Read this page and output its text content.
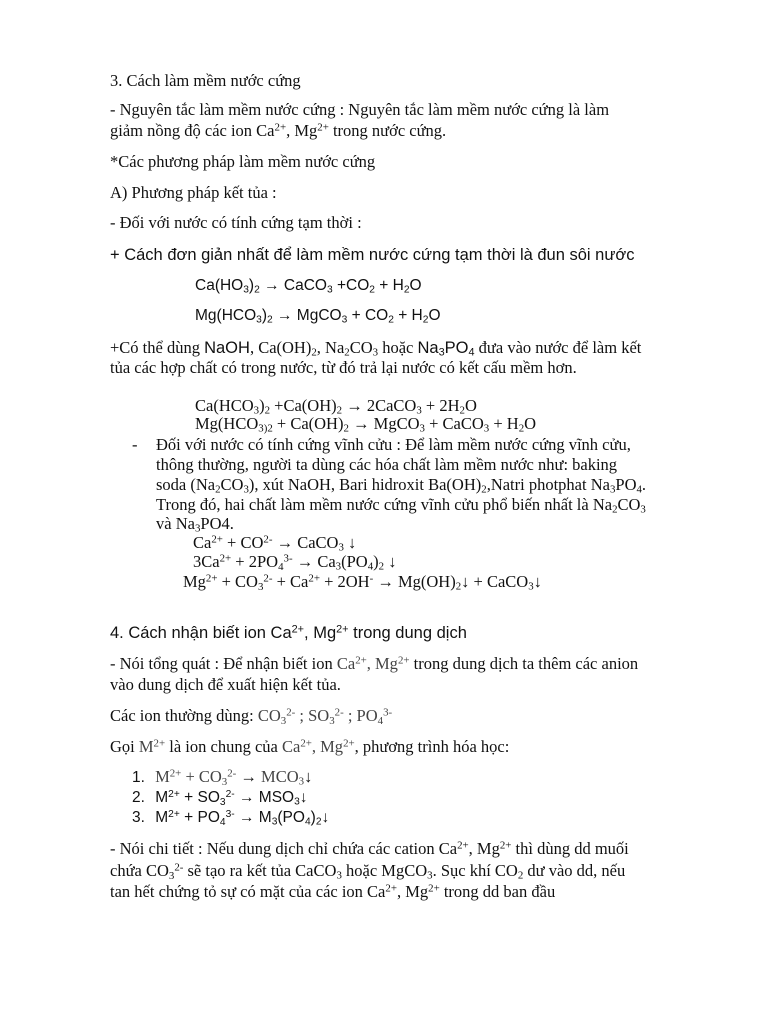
3. Cách làm mềm nước cứng
- Nguyên tắc làm mềm nước cứng : Nguyên tắc làm mềm nước cứng là làm
giảm nồng độ các ion $Ca^{2+}$, $Mg^{2+}$ trong nước cứng.
*Các phương pháp làm mềm nước cứng
A) Phương pháp kết tủa :
- Đối với nước có tính cứng tạm thời :
+ Cách đơn giản nhất để làm mềm nước cứng tạm thời là đun sôi nước
$Ca(HO_3)_2$ → CaCO$_3$ $+CO_2 + H_2O$
$Mg(HCO_3)_2$ → MgCO$_3$ + $CO_2 + H_2O$
+Có thể dùng NaOH, $Ca(OH)_2$, $Na_2CO_3$ hoặc $Na_3PO_4$ đưa vào nước để làm kết
tủa các hợp chất có trong nước, từ đó trả lại nước có kết cấu mềm hơn.
$Ca(HCO_3)_2 +Ca(OH)_2$ → 2CaCO$_3$ + $2H_2O$
$Mg(HCO_{3)2} + Ca(OH)_2$ → MgCO$_3$ + CaCO$_3$ + $H_2O$
- Đối với nước có tính cứng vĩnh cửu : Để làm mềm nước cứng vĩnh cửu,
thông thường, người ta dùng các hóa chất làm mềm nước như: baking
soda $(Na_2CO_3)$, xút NaOH, Bari hidroxit $Ba(OH)_2,Natri$ photphat $Na_3PO_4$.
Trong đó, hai chất làm mềm nước cứng vĩnh cửu phổ biến nhất là $Na_2CO_3$
và $Na_3PO4$.
$Ca^{2+} + CO^{2-}$ → CaCO$_3$ ↓
$3Ca^{2+} + 2PO_4^{3-} \to Ca_3(PO_4)_2$ ↓
$Mg^{2+} + CO_3^{2-} + Ca^{2+} + 2OH^-$ → $Mg(OH)_2↓$ + CaCO$_3$↓
4. Cách nhận biết ion $Ca^{2+}$, $Mg^{2+}$ trong dung dịch
- Nói tổng quát : Để nhận biết ion $Ca^{2+}$, $Mg^{2+}$ trong dung dịch ta thêm các anion
vào dung dịch để xuất hiện kết tủa.
Các ion thường dùng: $CO_3^{2-}$ ; $SO_3^{2-}$ ; $PO_4^{3-}$
Gọi $M^{2+}$ là ion chung của $Ca^{2+}$, $Mg^{2+}$, phương trình hóa học:
1. $M^{2+} + CO_3^{2-}$ → $MCO_3↓$
2. $M^{2+} + SO_3^{2-}$ → $MSO_3↓$
3. $M^{2+} + PO_4^{3-}$ → $M_3(PO_4)_2↓$
- Nói chi tiết : Nếu dung dịch chỉ chứa các cation $Ca^{2+}$, $Mg^{2+}$ thì dùng dd muối
chứa $CO_3^{2-}$ sẽ tạo ra kết tủa CaCO$_3$ hoặc MgCO$_3$. Sục khí $CO_2$ dư vào dd, nếu
tan hết chứng tỏ sự có mặt của các ion $Ca^{2+}$, $Mg^{2+}$ trong dd ban đầu
